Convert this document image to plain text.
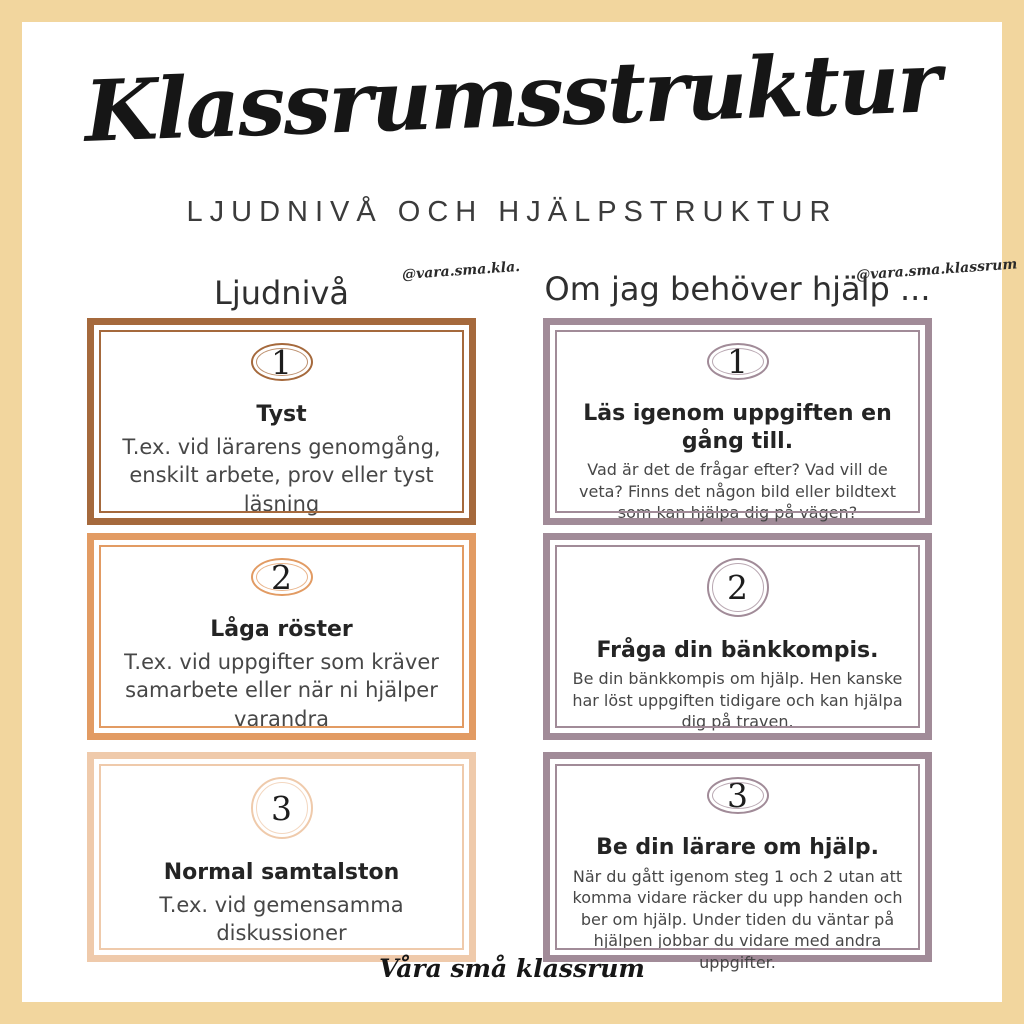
Klassrumsstruktur
LJUDNIVÅ OCH HJÄLPSTRUKTUR
@vara.sma.kla.	@vara.sma.klassrum
Ljudnivå	Om jag behöver hjälp ...
1
Tyst
T.ex. vid lärarens genomgång, enskilt arbete, prov eller tyst läsning
2
Låga röster
T.ex. vid uppgifter som kräver samarbete eller när ni hjälper varandra
3
Normal samtalston
T.ex. vid gemensamma diskussioner
1
Läs igenom uppgiften en gång till.
Vad är det de frågar efter? Vad vill de veta? Finns det någon bild eller bildtext som kan hjälpa dig på vägen?
2
Fråga din bänkkompis.
Be din bänkkompis om hjälp. Hen kanske har löst uppgiften tidigare och kan hjälpa dig på traven.
3
Be din lärare om hjälp.
När du gått igenom steg 1 och 2 utan att komma vidare räcker du upp handen och ber om hjälp. Under tiden du väntar på hjälpen jobbar du vidare med andra uppgifter.
Våra små klassrum
